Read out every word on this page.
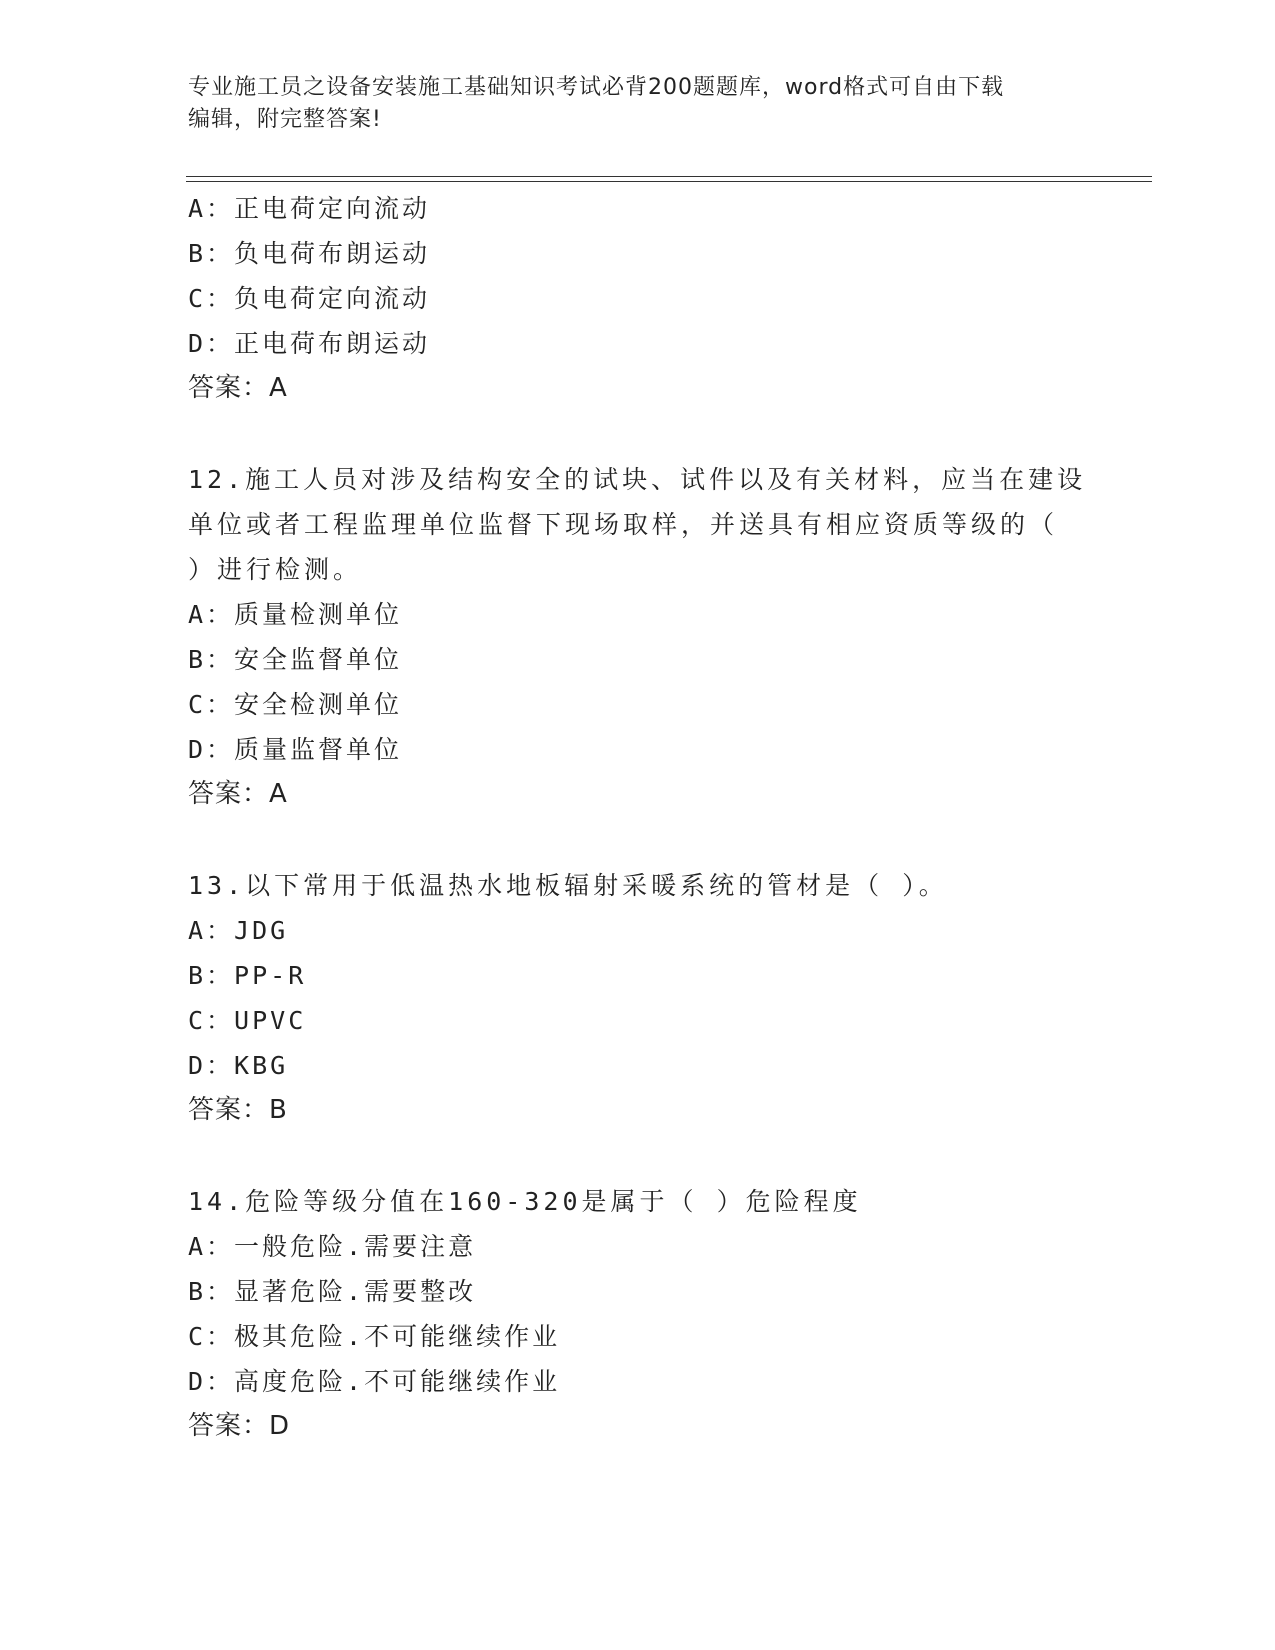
专业施工员之设备安装施工基础知识考试必背200题题库，word格式可自由下载
编辑，附完整答案!
A：正电荷定向流动
B：负电荷布朗运动
C：负电荷定向流动
D：正电荷布朗运动
答案：A
12.施工人员对涉及结构安全的试块、试件以及有关材料，应当在建设
单位或者工程监理单位监督下现场取样，并送具有相应资质等级的（
）进行检测。
A：质量检测单位
B：安全监督单位
C：安全检测单位
D：质量监督单位
答案：A
13.以下常用于低温热水地板辐射采暖系统的管材是（ ）。
A：JDG
B：PP-R
C：UPVC
D：KBG
答案：B
14.危险等级分值在160-320是属于（ ）危险程度
A：一般危险.需要注意
B：显著危险.需要整改
C：极其危险.不可能继续作业
D：高度危险.不可能继续作业
答案：D
